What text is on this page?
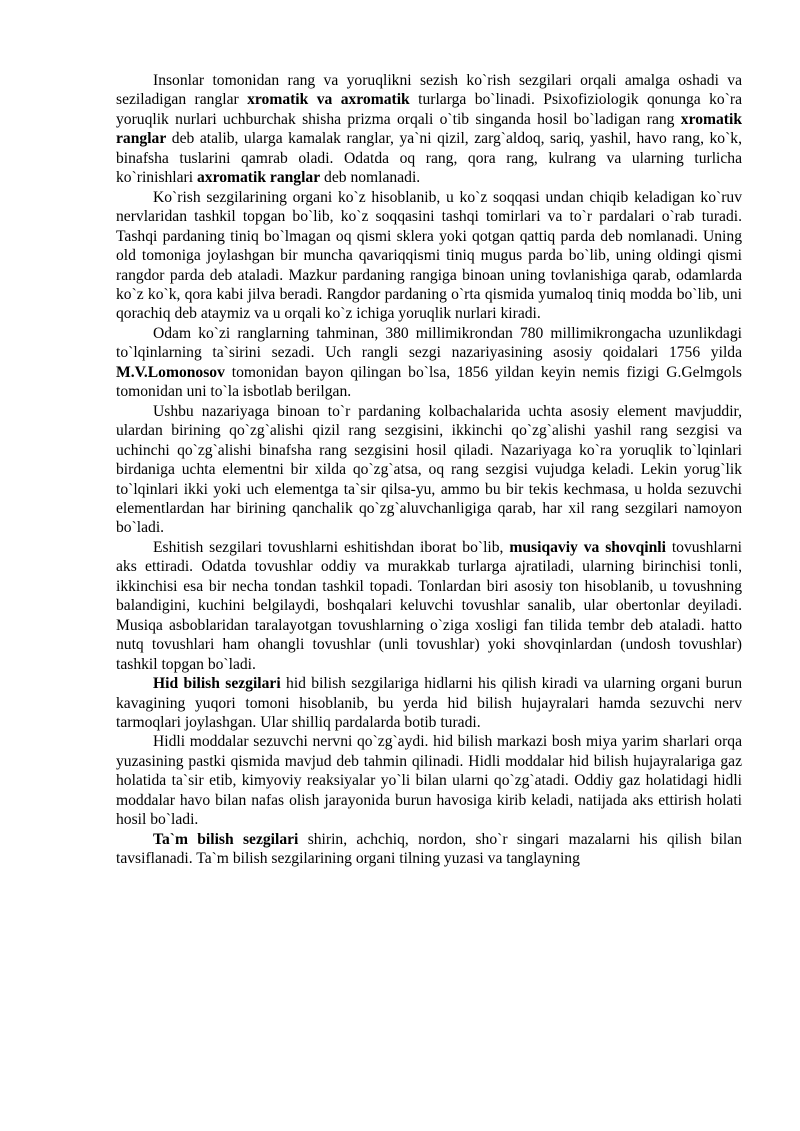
Insonlar tomonidan rang va yoruqlikni sezish ko`rish sezgilari orqali amalga oshadi va seziladigan ranglar xromatik va axromatik turlarga bo`linadi. Psixofiziologik qonunga ko`ra yoruqlik nurlari uchburchak shisha prizma orqali o`tib singanda hosil bo`ladigan rang xromatik ranglar deb atalib, ularga kamalak ranglar, ya`ni qizil, zarg`aldoq, sariq, yashil, havo rang, ko`k, binafsha tuslarini qamrab oladi. Odatda oq rang, qora rang, kulrang va ularning turlicha ko`rinishlari axromatik ranglar deb nomlanadi.

Ko`rish sezgilarining organi ko`z hisoblanib, u ko`z soqqasi undan chiqib keladigan ko`ruv nervlaridan tashkil topgan bo`lib, ko`z soqqasini tashqi tomirlari va to`r pardalari o`rab turadi. Tashqi pardaning tiniq bo`lmagan oq qismi sklera yoki qotgan qattiq parda deb nomlanadi. Uning old tomoniga joylashgan bir muncha qavariqqismi tiniq mugus parda bo`lib, uning oldingi qismi rangdor parda deb ataladi. Mazkur pardaning rangiga binoan uning tovlanishiga qarab, odamlarda ko`z ko`k, qora kabi jilva beradi. Rangdor pardaning o`rta qismida yumaloq tiniq modda bo`lib, uni qorachiq deb ataymiz va u orqali ko`z ichiga yoruqlik nurlari kiradi.

Odam ko`zi ranglarning tahminan, 380 millimikrondan 780 millimikrongacha uzunlikdagi to`lqinlarning ta`sirini sezadi. Uch rangli sezgi nazariyasining asosiy qoidalari 1756 yilda M.V.Lomonosov tomonidan bayon qilingan bo`lsa, 1856 yildan keyin nemis fizigi G.Gelmgols tomonidan uni to`la isbotlab berilgan.

Ushbu nazariyaga binoan to`r pardaning kolbachalarida uchta asosiy element mavjuddir, ulardan birining qo`zg`alishi qizil rang sezgisini, ikkinchi qo`zg`alishi yashil rang sezgisi va uchinchi qo`zg`alishi binafsha rang sezgisini hosil qiladi. Nazariyaga ko`ra yoruqlik to`lqinlari birdaniga uchta elementni bir xilda qo`zg`atsa, oq rang sezgisi vujudga keladi. Lekin yorug`lik to`lqinlari ikki yoki uch elementga ta`sir qilsa-yu, ammo bu bir tekis kechmasa, u holda sezuvchi elementlardan har birining qanchalik qo`zg`aluvchanligiga qarab, har xil rang sezgilari namoyon bo`ladi.

Eshitish sezgilari tovushlarni eshitishdan iborat bo`lib, musiqaviy va shovqinli tovushlarni aks ettiradi. Odatda tovushlar oddiy va murakkab turlarga ajratiladi, ularning birinchisi tonli, ikkinchisi esa bir necha tondan tashkil topadi. Tonlardan biri asosiy ton hisoblanib, u tovushning balandigini, kuchini belgilaydi, boshqalari keluvchi tovushlar sanalib, ular obertonlar deyiladi. Musiqa asboblaridan taralayotgan tovushlarning o`ziga xosligi fan tilida tembr deb ataladi. hatto nutq tovushlari ham ohangli tovushlar (unli tovushlar) yoki shovqinlardan (undosh tovushlar) tashkil topgan bo`ladi.

Hid bilish sezgilari hid bilish sezgilariga hidlarni his qilish kiradi va ularning organi burun kavagining yuqori tomoni hisoblanib, bu yerda hid bilish hujayralari hamda sezuvchi nerv tarmoqlari joylashgan. Ular shilliq pardalarda botib turadi.

Hidli moddalar sezuvchi nervni qo`zg`aydi. hid bilish markazi bosh miya yarim sharlari orqa yuzasining pastki qismida mavjud deb tahmin qilinadi. Hidli moddalar hid bilish hujayralariga gaz holatida ta`sir etib, kimyoviy reaksiyalar yo`li bilan ularni qo`zg`atadi. Oddiy gaz holatidagi hidli moddalar havo bilan nafas olish jarayonida burun havosiga kirib keladi, natijada aks ettirish holati hosil bo`ladi.

Ta`m bilish sezgilari shirin, achchiq, nordon, sho`r singari mazalarni his qilish bilan tavsiflanadi. Ta`m bilish sezgilarining organi tilning yuzasi va tanglayning
